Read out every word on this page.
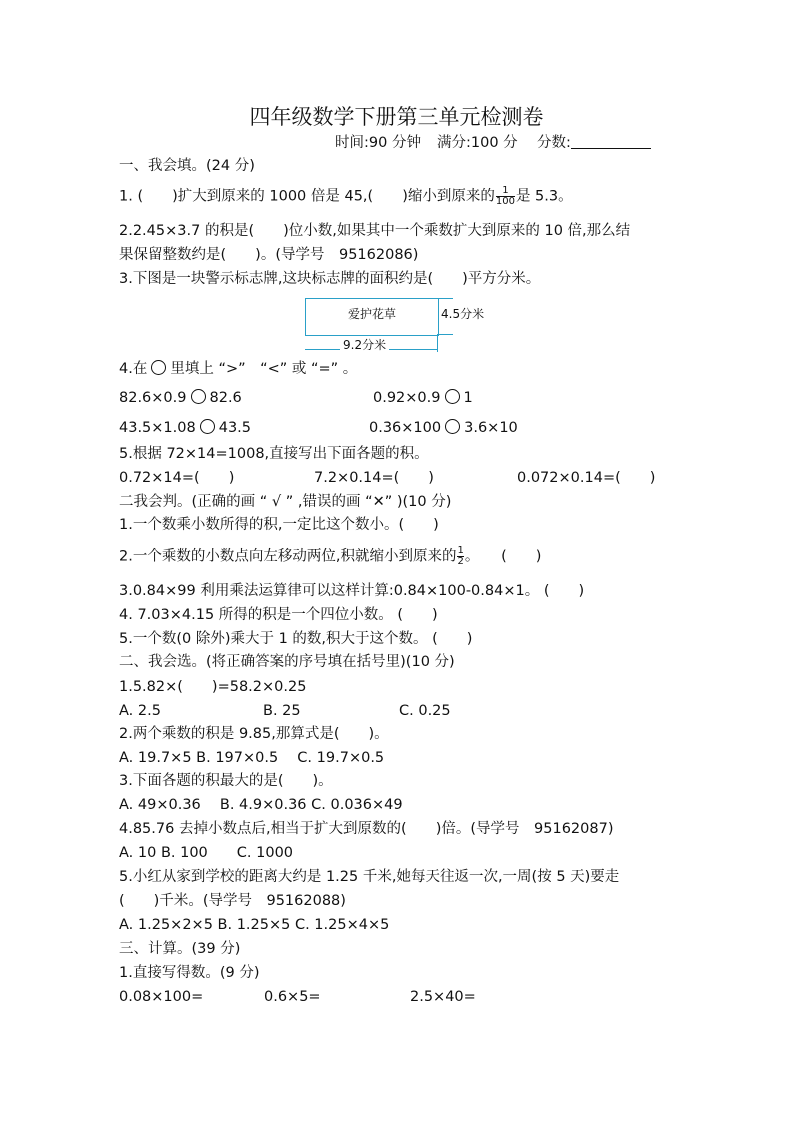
四年级数学下册第三单元检测卷
时间:90 分钟 满分:100 分 分数:
一、我会填。(24 分)
1. (　　)扩大到原来的 1000 倍是 45,(　　)缩小到原来的 $\frac{1}{100}$ 是 5.3。
2.2.45×3.7 的积是(　　)位小数,如果其中一个乘数扩大到原来的 10 倍,那么结
果保留整数约是(　　)。(导学号　95162086)
3.下图是一块警示标志牌,这块标志牌的面积约是(　　)平方分米。
爱护花草	4.5分米
9.2分米
4.在 里填上 “>”　“<” 或 “=” 。
82.6×0.9 82.6	0.92×0.9 1
43.5×1.08 43.5	0.36×100 3.6×10
5.根据 72×14=1008,直接写出下面各题的积。
0.72×14=(　　)	7.2×0.14=(　　)	0.072×0.14=(　　)
二我会判。(正确的画 “ √ ” ,错误的画 “✕” )(10 分)
1.一个数乘小数所得的积,一定比这个数小。(　　)
2.一个乘数的小数点向左移动两位,积就缩小到原来的 $\frac{1}{2}$ 。　　(　　)
3.0.84×99 利用乘法运算律可以这样计算:0.84×100-0.84×1。 (　　)
4. 7.03×4.15 所得的积是一个四位小数。 (　　)
5.一个数(0 除外)乘大于 1 的数,积大于这个数。 (　　)
二、我会选。(将正确答案的序号填在括号里)(10 分)
1.5.82×(　　)=58.2×0.25
A. 2.5	B. 25	C. 0.25
2.两个乘数的积是 9.85,那算式是(　　)。
A. 19.7×5 B. 197×0.5　 C. 19.7×0.5
3.下面各题的积最大的是(　　)。
A. 49×0.36　 B. 4.9×0.36 C. 0.036×49
4.85.76 去掉小数点后,相当于扩大到原数的(　　)倍。(导学号　95162087)
A. 10 B. 100　　C. 1000
5.小红从家到学校的距离大约是 1.25 千米,她每天往返一次,一周(按 5 天)要走
(　　)千米。(导学号　95162088)
A. 1.25×2×5 B. 1.25×5 C. 1.25×4×5
三、计算。(39 分)
1.直接写得数。(9 分)
0.08×100=	0.6×5=	2.5×40=
